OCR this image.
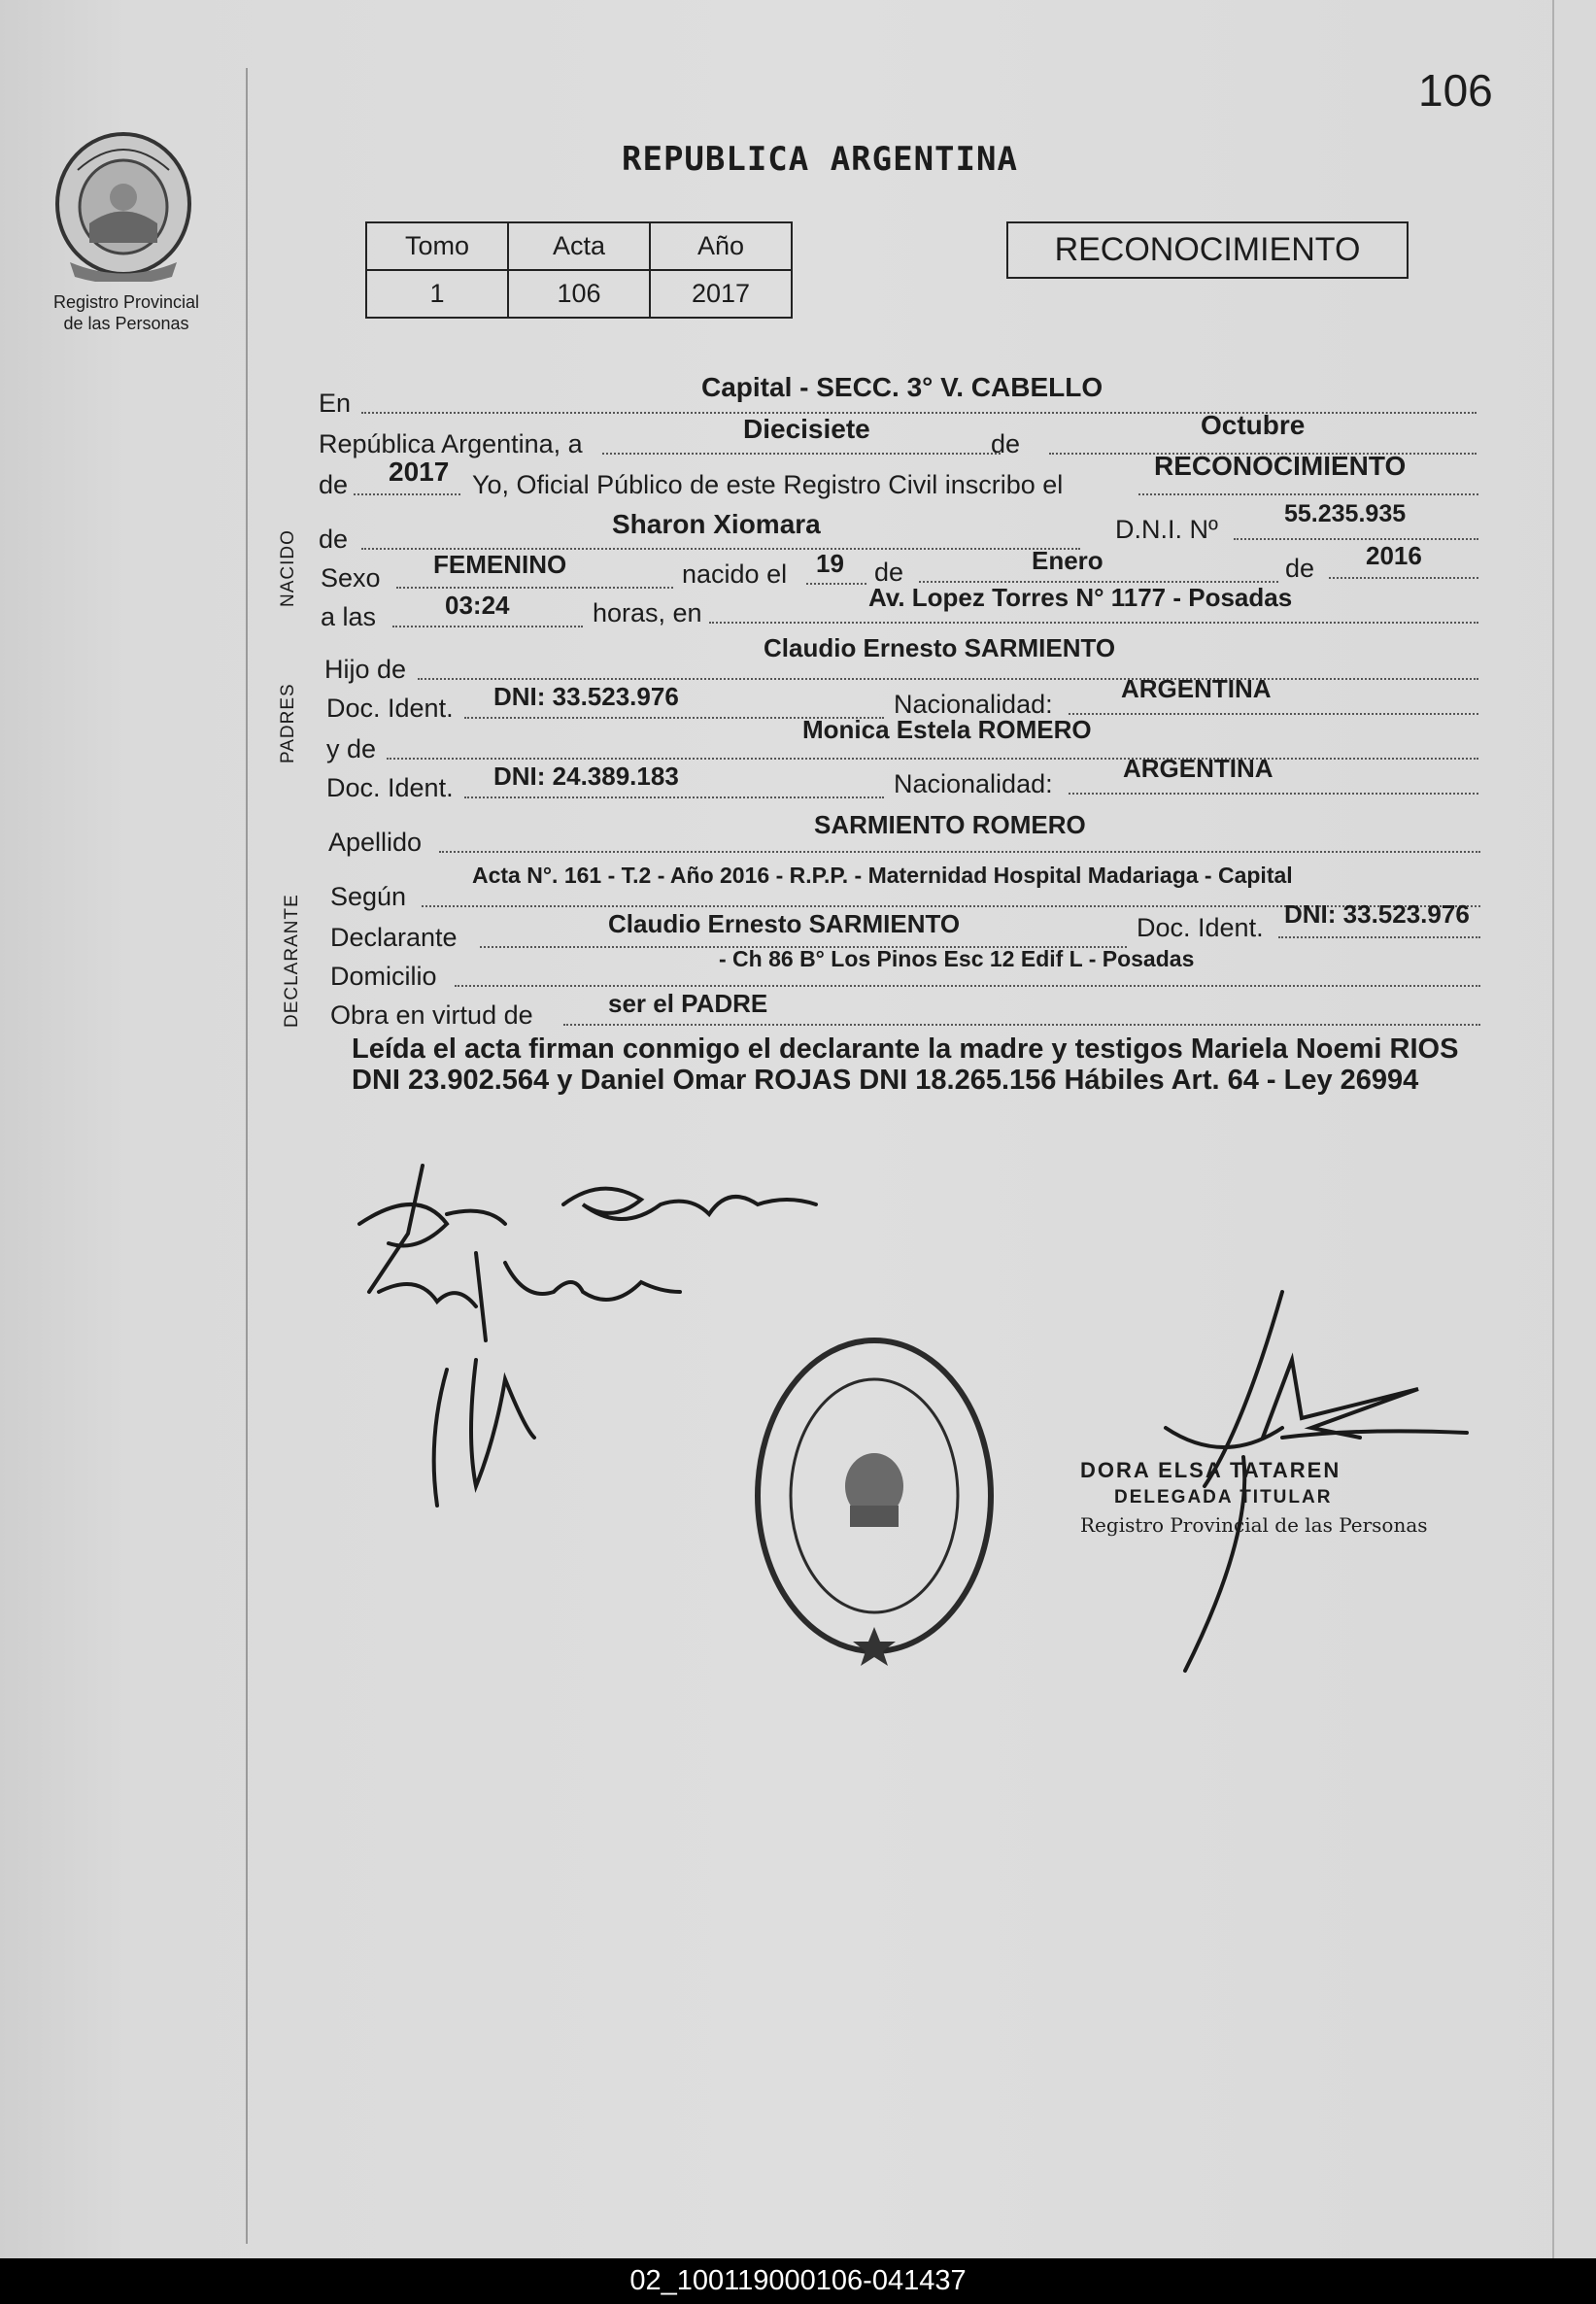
106
Registro Provincial
de las Personas
REPUBLICA ARGENTINA
Tomo	Acta	Año
1	106	2017
RECONOCIMIENTO
NACIDO
PADRES
DECLARANTE
En
Capital - SECC. 3° V. CABELLO
República Argentina, a	Diecisiete	de
Octubre
de 2017 Yo, Oficial Público de este Registro Civil inscribo el
RECONOCIMIENTO
de	Sharon Xiomara	D.N.I. Nº
55.235.935
Sexo FEMENINO	nacido el 19 de	Enero	de 2016
a las	03:24	horas, en
Av. Lopez Torres N° 1177 - Posadas
Hijo de
Claudio Ernesto SARMIENTO
Doc. Ident. DNI: 33.523.976	Nacionalidad:
ARGENTINA
y de
Monica Estela ROMERO
Doc. Ident. DNI: 24.389.183	Nacionalidad:
ARGENTINA
Apellido
SARMIENTO ROMERO
Según
Acta N°. 161 - T.2 - Año 2016 - R.P.P. - Maternidad Hospital Madariaga - Capital
Declarante	Claudio Ernesto SARMIENTO	Doc. Ident. DNI: 33.523.976
Domicilio
- Ch 86 B° Los Pinos Esc 12 Edif L - Posadas
Obra en virtud de	ser el PADRE
Leída el acta firman conmigo el declarante la madre y testigos Mariela Noemi RIOS DNI 23.902.564 y Daniel Omar ROJAS DNI 18.265.156 Hábiles Art. 64 - Ley 26994
DORA ELSA TATAREN
DELEGADA TITULAR
Registro Provincial de las Personas
02_100119000106-041437
